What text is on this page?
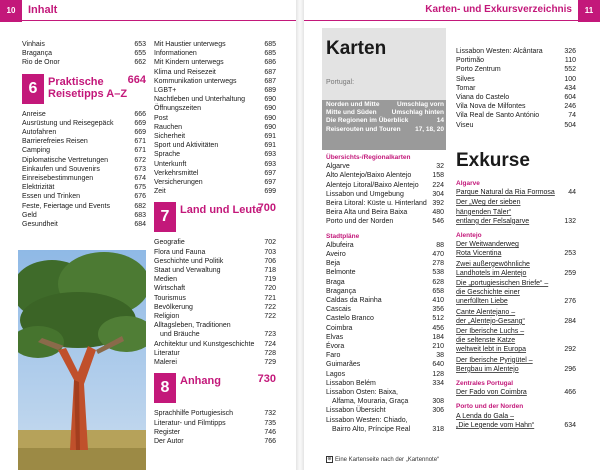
10	Inhalt
Vinhais	653
Bragança	655
Rio de Onor	662
6 Praktische Reisetipps A–Z
664
Anreise	666
Ausrüstung und Reisegepäck	669
Autofahren	669
Barrierefreies Reisen	671
Camping	671
Diplomatische Vertretungen	672
Einkaufen und Souvenirs	673
Einreisebestimmungen	674
Elektrizität	675
Essen und Trinken	676
Feste, Feiertage und Events	682
Geld	683
Gesundheit	684
Mit Haustier unterwegs	685
Informationen	685
Mit Kindern unterwegs	686
Klima und Reisezeit	687
Kommunikation unterwegs	687
LGBT+	689
Nachtleben und Unterhaltung	690
Öffnungszeiten	690
Post	690
Rauchen	690
Sicherheit	691
Sport und Aktivitäten	691
Sprache	693
Unterkunft	693
Verkehrsmittel	697
Versicherungen	697
Zeit	699
7 Land und Leute
700
Geografie	702
Flora und Fauna	703
Geschichte und Politik	706
Staat und Verwaltung	718
Medien	719
Wirtschaft	720
Tourismus	721
Bevölkerung	722
Religion	722
Alltagsleben, Traditionen
und Bräuche	723
Architektur und Kunstgeschichte	724
Literatur	728
Malerei	729
8 Anhang	730
Sprachhilfe Portugiesisch	732
Literatur- und Filmtipps	735
Register	746
Der Autor	766
Karten- und Exkursverzeichnis	11
Karten
Portugal:
Norden und Mitte	Umschlag vorn
Mitte und Süden	Umschlag hinten
Die Regionen im Überblick	14
Reiserouten und Touren	17, 18, 20
Übersichts-/Regionalkarten
Algarve	32
Alto Alentejo/Baixo Alentejo	158
Alentejo Litoral/Baixo Alentejo	224
Lissabon und Umgebung	304
Beira Litoral: Küste u. Hinterland 392
Beira Alta und Beira Baixa	480
Porto und der Norden	546
Stadtpläne
Albufeira	88
Aveiro	470
Beja	278
Belmonte	538
Braga	628
Bragança	658
Caldas da Rainha	410
Cascais	356
Castelo Branco	512
Coimbra	456
Elvas	184
Évora	210
Faro	38
Guimarães	640
Lagos	128
Lissabon Belém	334
Lissabon Osten: Baixa,
Alfama, Mouraria, Graça	308
Lissabon Übersicht	306
Lissabon Westen: Chiado,
Bairro Alto, Príncipe Real	318
⊕ Eine Kartenseite nach der „Kartennote“
Lissabon Westen: Alcântara	326
Portimão	110
Porto Zentrum	552
Silves	100
Tomar	434
Viana do Castelo	604
Vila Nova de Milfontes	246
Vila Real de Santo António	74
Viseu	504
Exkurse
Algarve
Parque Natural da Ria Formosa	44
Der „Weg der sieben
hängenden Täler“
entlang der Felsalgarve	132
Alentejo
Der Weitwanderweg
Rota Vicentina	253
Zwei außergewöhnliche
Landhotels im Alentejo	259
Die „portugiesischen Briefe“ –
die Geschichte einer
unerfüllten Liebe	276
Cante Alentejano –
der „Alentejo-Gesang“	284
Der Iberische Luchs –
die seltenste Katze
weltweit lebt in Europa	292
Der Iberische Pyrigütel –
Bergbau im Alentejo	296
Zentrales Portugal
Der Fado von Coimbra	466
Porto und der Norden
A Lenda do Gala –
„Die Legende vom Hahn“	634
